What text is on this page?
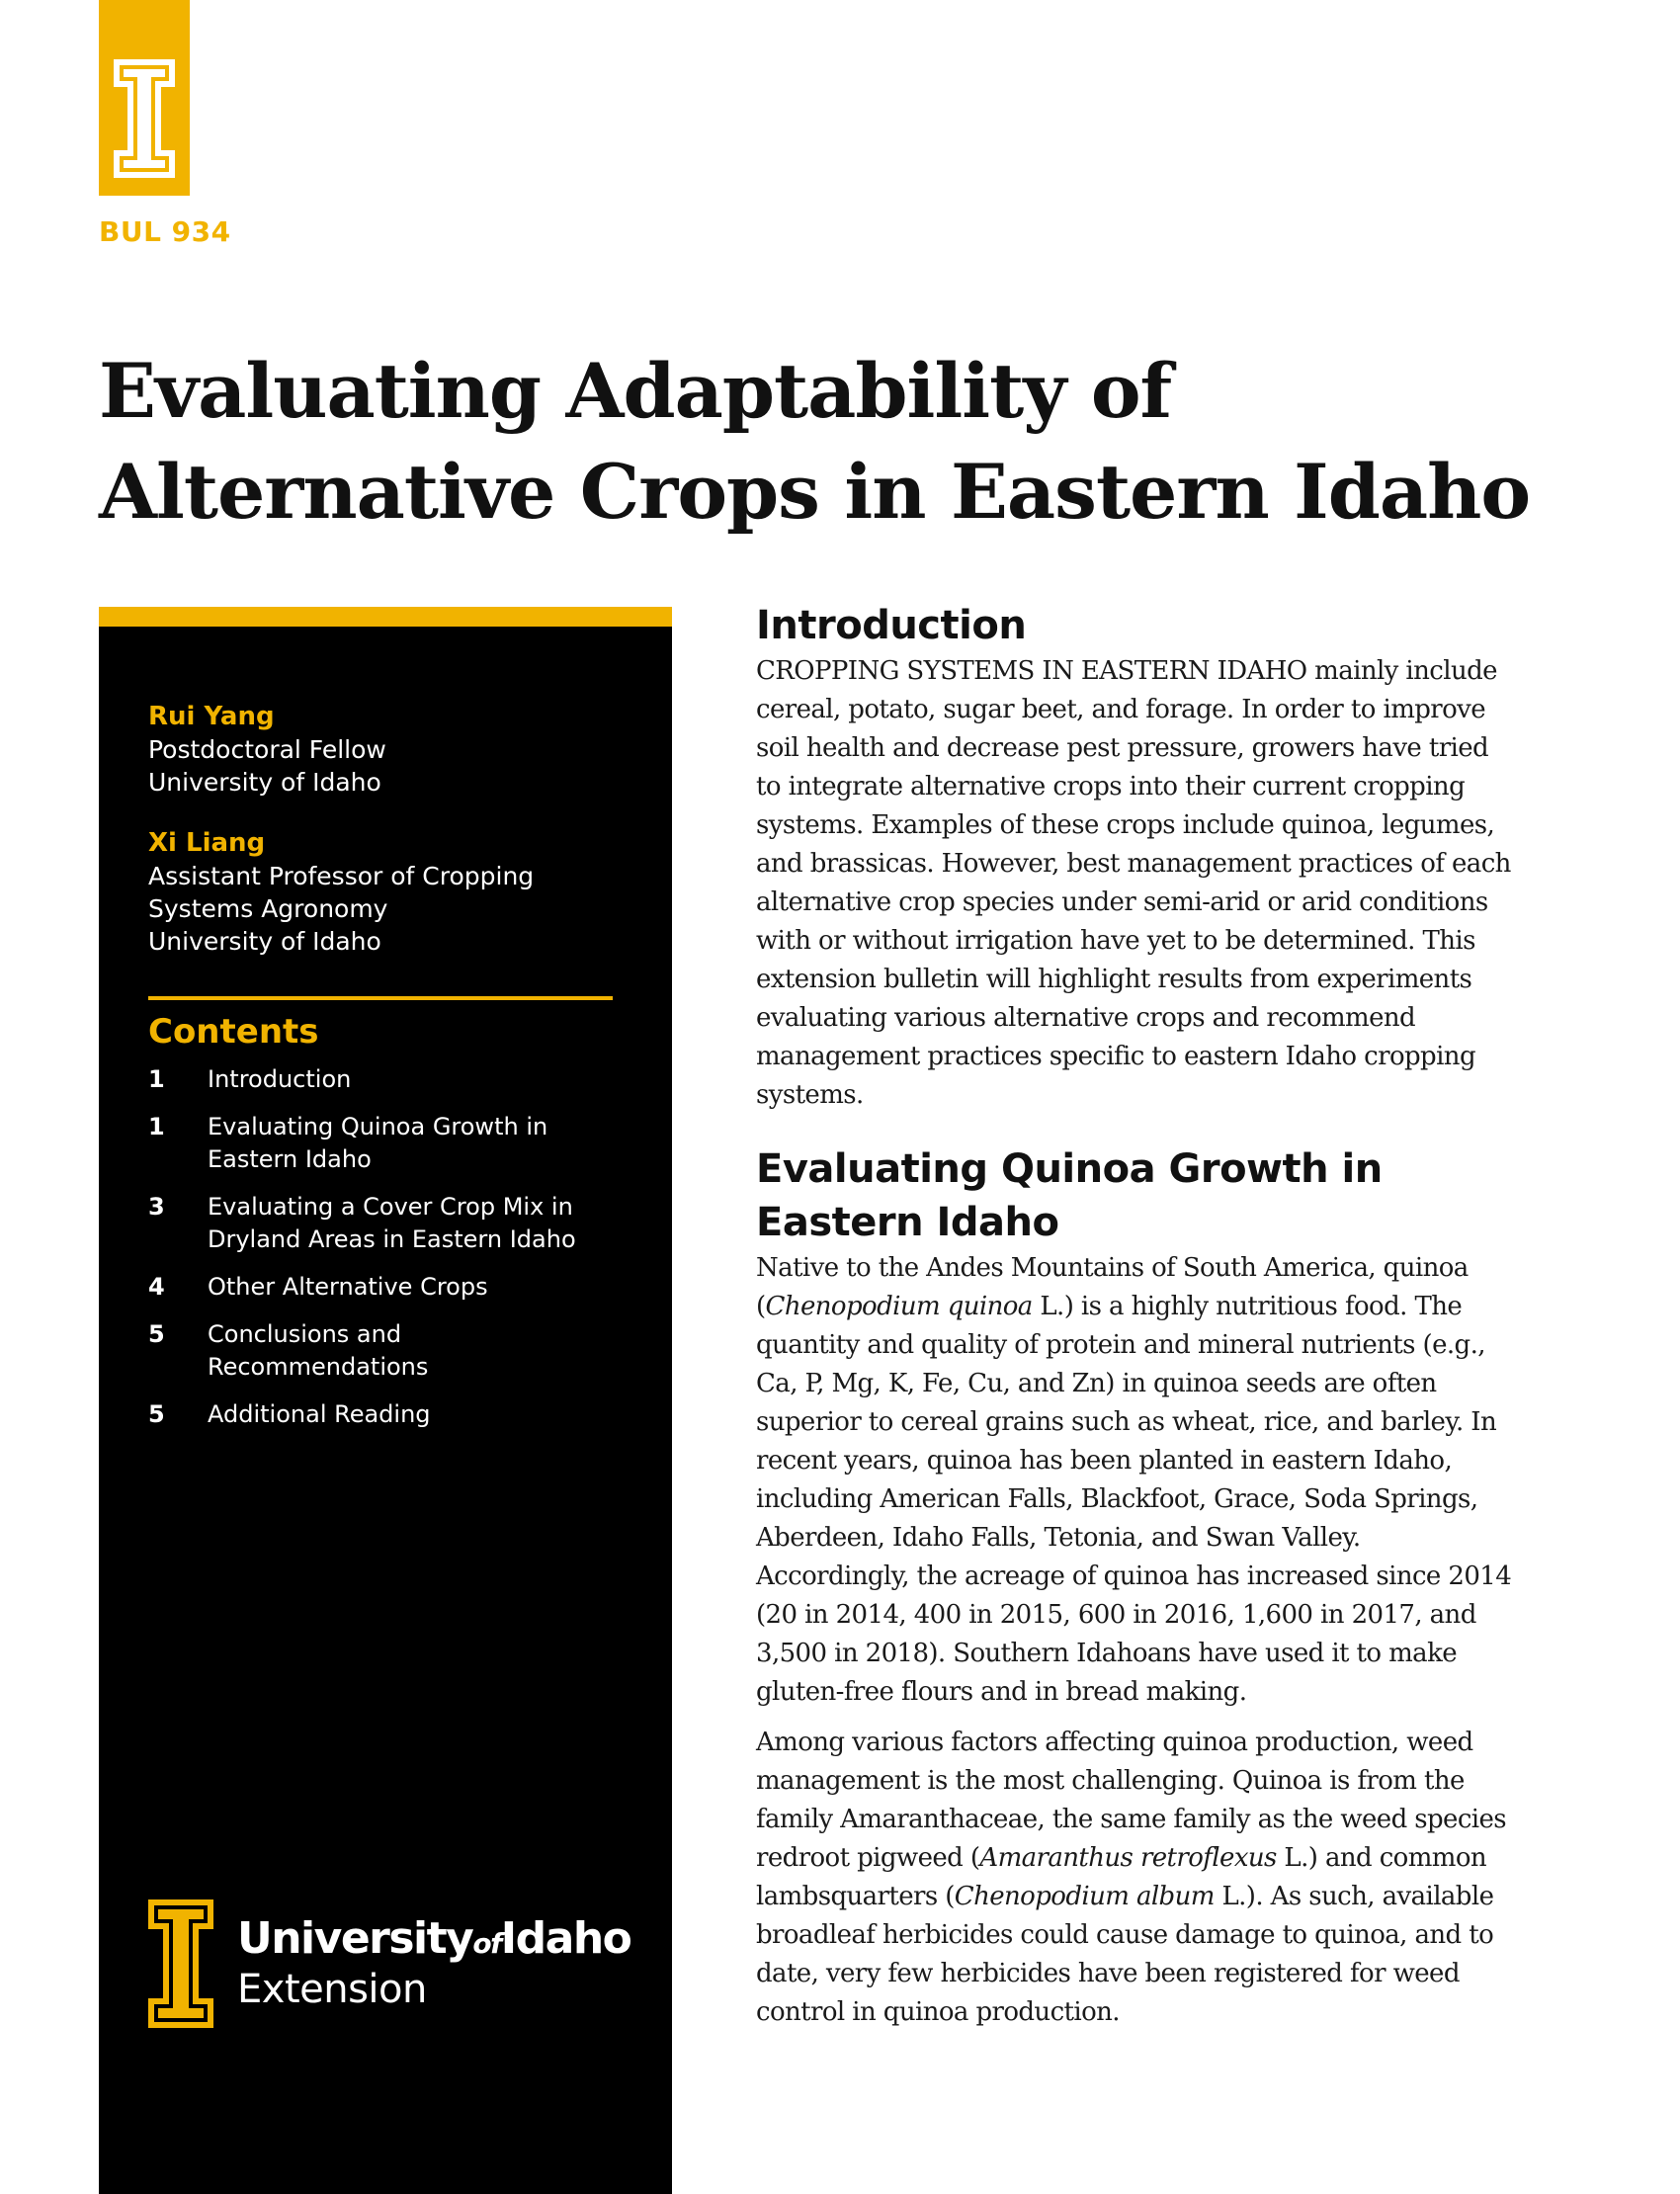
BUL 934
Evaluating Adaptability of
Alternative Crops in Eastern Idaho
Rui Yang
Postdoctoral Fellow
University of Idaho
Xi Liang
Assistant Professor of Cropping
Systems Agronomy
University of Idaho
Contents
1	Introduction
1	Evaluating Quinoa Growth in Eastern Idaho
3	Evaluating a Cover Crop Mix in Dryland Areas in Eastern Idaho
4	Other Alternative Crops
5	Conclusions and Recommendations
5	Additional Reading
UniversityofIdaho
Extension
Introduction

CROPPING SYSTEMS IN EASTERN IDAHO mainly include cereal, potato, sugar beet, and forage. In order to improve soil health and decrease pest pressure, growers have tried to integrate alternative crops into their current cropping systems. Examples of these crops include quinoa, legumes, and brassicas. However, best management practices of each alternative crop species under semi-arid or arid conditions with or without irrigation have yet to be determined. This extension bulletin will highlight results from experiments evaluating various alternative crops and recommend management practices specific to eastern Idaho cropping systems.

Evaluating Quinoa Growth in Eastern Idaho

Native to the Andes Mountains of South America, quinoa (Chenopodium quinoa L.) is a highly nutritious food. The quantity and quality of protein and mineral nutrients (e.g., Ca, P, Mg, K, Fe, Cu, and Zn) in quinoa seeds are often superior to cereal grains such as wheat, rice, and barley. In recent years, quinoa has been planted in eastern Idaho, including American Falls, Blackfoot, Grace, Soda Springs, Aberdeen, Idaho Falls, Tetonia, and Swan Valley. Accordingly, the acreage of quinoa has increased since 2014 (20 in 2014, 400 in 2015, 600 in 2016, 1,600 in 2017, and 3,500 in 2018). Southern Idahoans have used it to make gluten-free flours and in bread making.

Among various factors affecting quinoa production, weed management is the most challenging. Quinoa is from the family Amaranthaceae, the same family as the weed species redroot pigweed (Amaranthus retroflexus L.) and common lambsquarters (Chenopodium album L.). As such, available broadleaf herbicides could cause damage to quinoa, and to date, very few herbicides have been registered for weed control in quinoa production.
